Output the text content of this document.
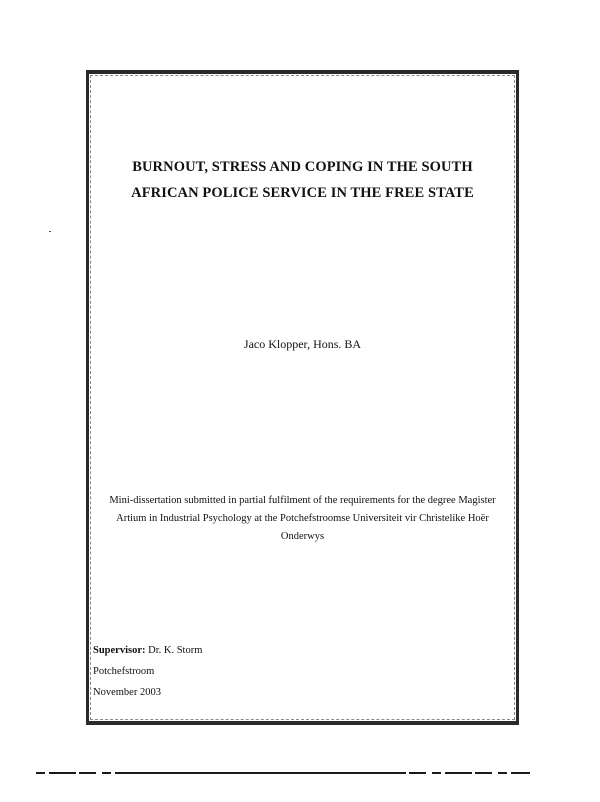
BURNOUT, STRESS AND COPING IN THE SOUTH
AFRICAN POLICE SERVICE IN THE FREE STATE
Jaco Klopper, Hons. BA
Mini-dissertation submitted in partial fulfilment of the requirements for the degree Magister
Artium in Industrial Psychology at the Potchefstroomse Universiteit vir Christelike Hoër
Onderwys
Supervisor: Dr. K. Storm
Potchefstroom
November 2003
